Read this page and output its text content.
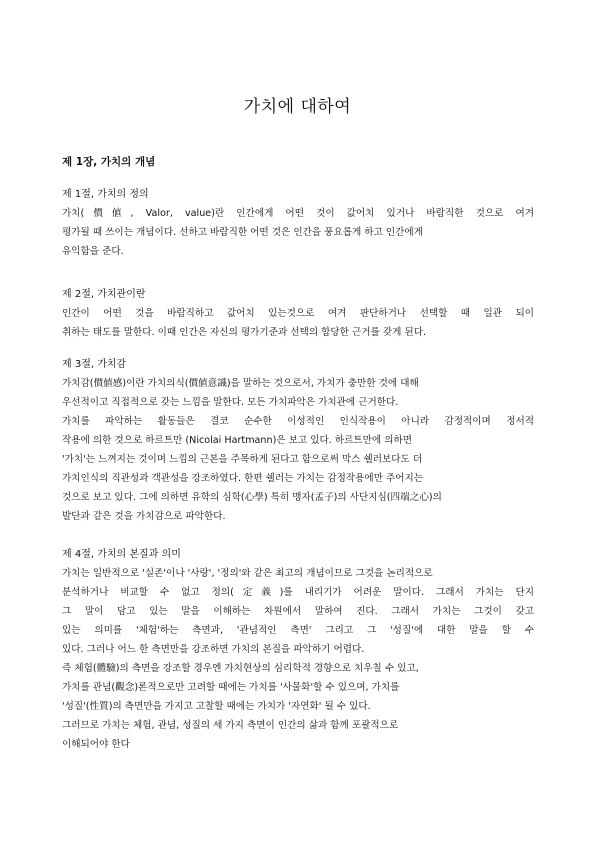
가치에 대하여
제 1장, 가치의 개념

제 1절, 가치의 정의

가치(價値, Valor, value)란 인간에게 어떤 것이 값어치 있거나 바람직한 것으로 여겨
평가될 때 쓰이는 개념이다. 선하고 바람직한 어떤 것은 인간을 풍요롭게 하고 인간에게
유익함을 준다.

제 2절, 가치관이란

인간이 어떤 것을 바람직하고 값어치 있는것으로 여겨 판단하거나 선택할 때 일관 되이
취하는 태도를 말한다. 이때 인간은 자신의 평가기준과 선택의 합당한 근거를 갖게 된다.

제 3절, 가치감

가치감(價値感)이란 가치의식(價値意識)을 말하는 것으로서, 가치가 충만한 것에 대해
우선적이고 직접적으로 갖는 느낌을 말한다. 모든 가치파악은 가치관에 근거한다.
가치를 파악하는 활동들은 결코 순수한 이성적인 인식작용이 아니라 감정적이며 정서적
작용에 의한 것으로 하르트만 (Nicolai Hartmann)은 보고 있다. 하르트만에 의하면
'가치'는 느껴지는 것이며 느낌의 근본을 주목하게 된다고 함으로써 막스 쉘러보다도 더
가치인식의 직관성과 객관성을 강조하였다. 한편 쉘러는 가치는 감정작용에만 주어지는
것으로 보고 있다. 그에 의하면 유학의 심학(心學) 특히 맹자(孟子)의 사단지심(四端之心)의
발단과 같은 것을 가치감으로 파악한다.

제 4절, 가치의 본질과 의미

가치는 일반적으로 '실존'이나 '사랑', '정의'와 같은 최고의 개념이므로 그것을 논리적으로
분석하거나 비교할 수 없고 정의(定義)를 내리기가 어려운 말이다. 그래서 가치는 단지
그 말이 담고 있는 말을 이해하는 차원에서 말하여 진다. 그래서 가치는 그것이 갖고
있는 의미를 '체험'하는 측면과, '관념적인 측면' 그리고 그 '성질'에 대한 말을 할 수
있다. 그러나 어느 한 측면만을 강조하면 가치의 본질을 파악하기 어렵다.
즉 체험(體驗)의 측면을 강조할 경우엔 가치현상의 심리학적 경향으로 치우칠 수 있고,
가치를 관념(觀念)론적으로만 고려할 때에는 가치를 '사물화'할 수 있으며, 가치를
'성질'(性質)의 측면만을 가지고 고찰할 때에는 가치가 '자연화' 될 수 있다.
그러므로 가치는 체험, 관념, 성질의 세 가지 측면이 인간의 삶과 함께 포괄적으로
이해되어야 한다
